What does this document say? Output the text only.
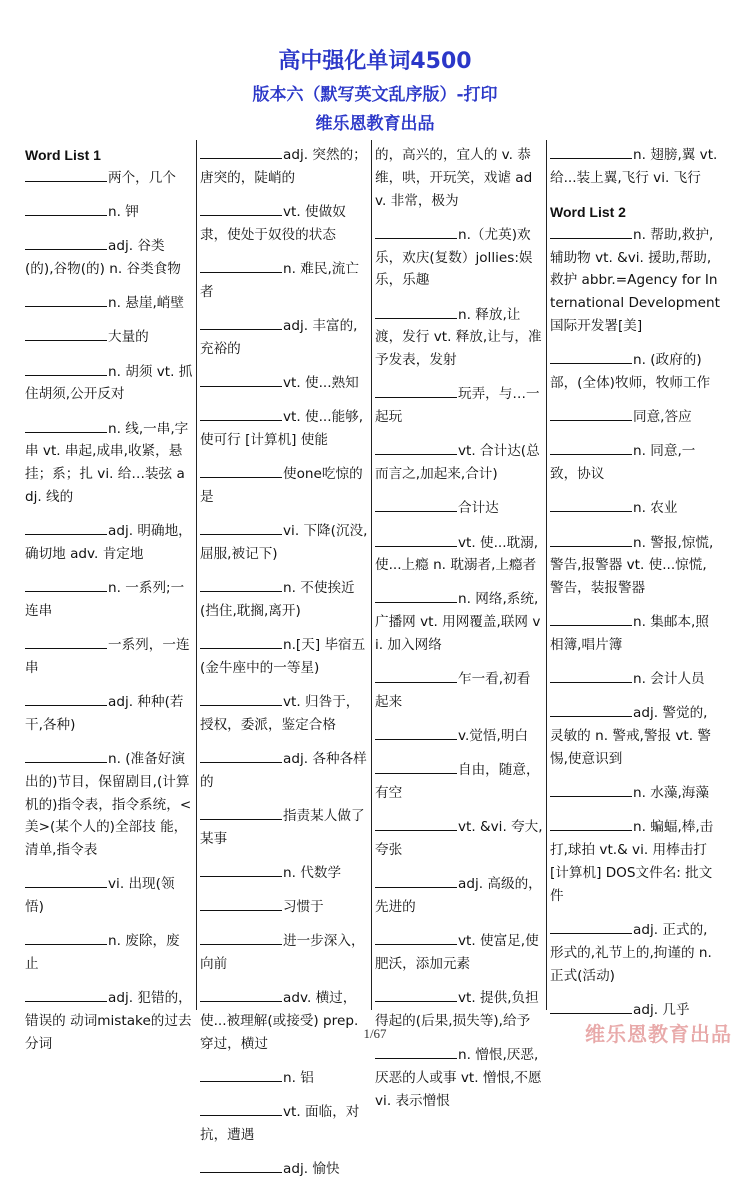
高中强化单词4500
版本六（默写英文乱序版）-打印
维乐恩教育出品
Word List 1
两个，几个
n. 钾
adj. 谷类(的),谷物(的) n. 谷类食物
n. 悬崖,峭壁
大量的
n. 胡须 vt. 抓住胡须,公开反对
n. 线,一串,字串 vt. 串起,成串,收紧，悬挂；系；扎 vi. 给…装弦 adj. 线的
adj. 明确地，确切地 adv. 肯定地
n. 一系列;一连串
一系列，一连串
adj. 种种(若干,各种)
n. (准备好演出的)节目，保留剧目,(计算机的)指令表，指令系统，<美>(某个人的)全部技 能，清单,指令表
vi. 出现(领悟)
n. 废除，废止
adj. 犯错的，错误的 动词mistake的过去分词
adj. 突然的；唐突的，陡峭的
vt. 使做奴隶，使处于奴役的状态
n. 难民,流亡者
adj. 丰富的,充裕的
vt. 使...熟知
vt. 使...能够,使可行 [计算机] 使能
使one吃惊的是
vi. 下降(沉没,屈服,被记下)
n. 不使挨近(挡住,耽搁,离开)
n.[天] 毕宿五(金牛座中的一等星)
vt. 归咎于，授权，委派，鉴定合格
adj. 各种各样的
指责某人做了某事
n. 代数学
习惯于
进一步深入，向前
adv. 横过，使...被理解(或接受) prep. 穿过，横过
n. 铝
vt. 面临，对抗，遭遇
adj. 愉快
的，高兴的，宜人的 v. 恭维，哄，开玩笑，戏谑 adv. 非常，极为
n.（尤英)欢乐，欢庆(复数）jollies:娱乐，乐趣
n. 释放,让渡，发行 vt. 释放,让与，准予发表，发射
玩弄，与…一起玩
vt. 合计达(总而言之,加起来,合计)
合计达
vt. 使...耽溺,使...上瘾 n. 耽溺者,上瘾者
n. 网络,系统,广播网 vt. 用网覆盖,联网 vi. 加入网络
乍一看,初看起来
v.觉悟,明白
自由，随意，有空
vt. &vi. 夸大,夸张
adj. 高级的，先进的
vt. 使富足,使肥沃，添加元素
vt. 提供,负担得起的(后果,损失等),给予
n. 憎恨,厌恶,厌恶的人或事 vt. 憎恨,不愿 vi. 表示憎恨
n. 翅膀,翼 vt. 给...装上翼,飞行 vi. 飞行
Word List 2
n. 帮助,救护,辅助物 vt. &vi. 援助,帮助,救护 abbr.=Agency for International Development 国际开发署[美]
n. (政府的)部，(全体)牧师，牧师工作
同意,答应
n. 同意,一致，协议
n. 农业
n. 警报,惊慌,警告,报警器 vt. 使...惊慌,警告，装报警器
n. 集邮本,照相簿,唱片簿
n. 会计人员
adj. 警觉的,灵敏的 n. 警戒,警报 vt. 警惕,使意识到
n. 水藻,海藻
n. 蝙蝠,棒,击打,球拍 vt.& vi. 用棒击打 [计算机] DOS文件名: 批文件
adj. 正式的,形式的,礼节上的,拘谨的 n. 正式(活动)
adj. 几乎
1/67	维乐恩教育出品
